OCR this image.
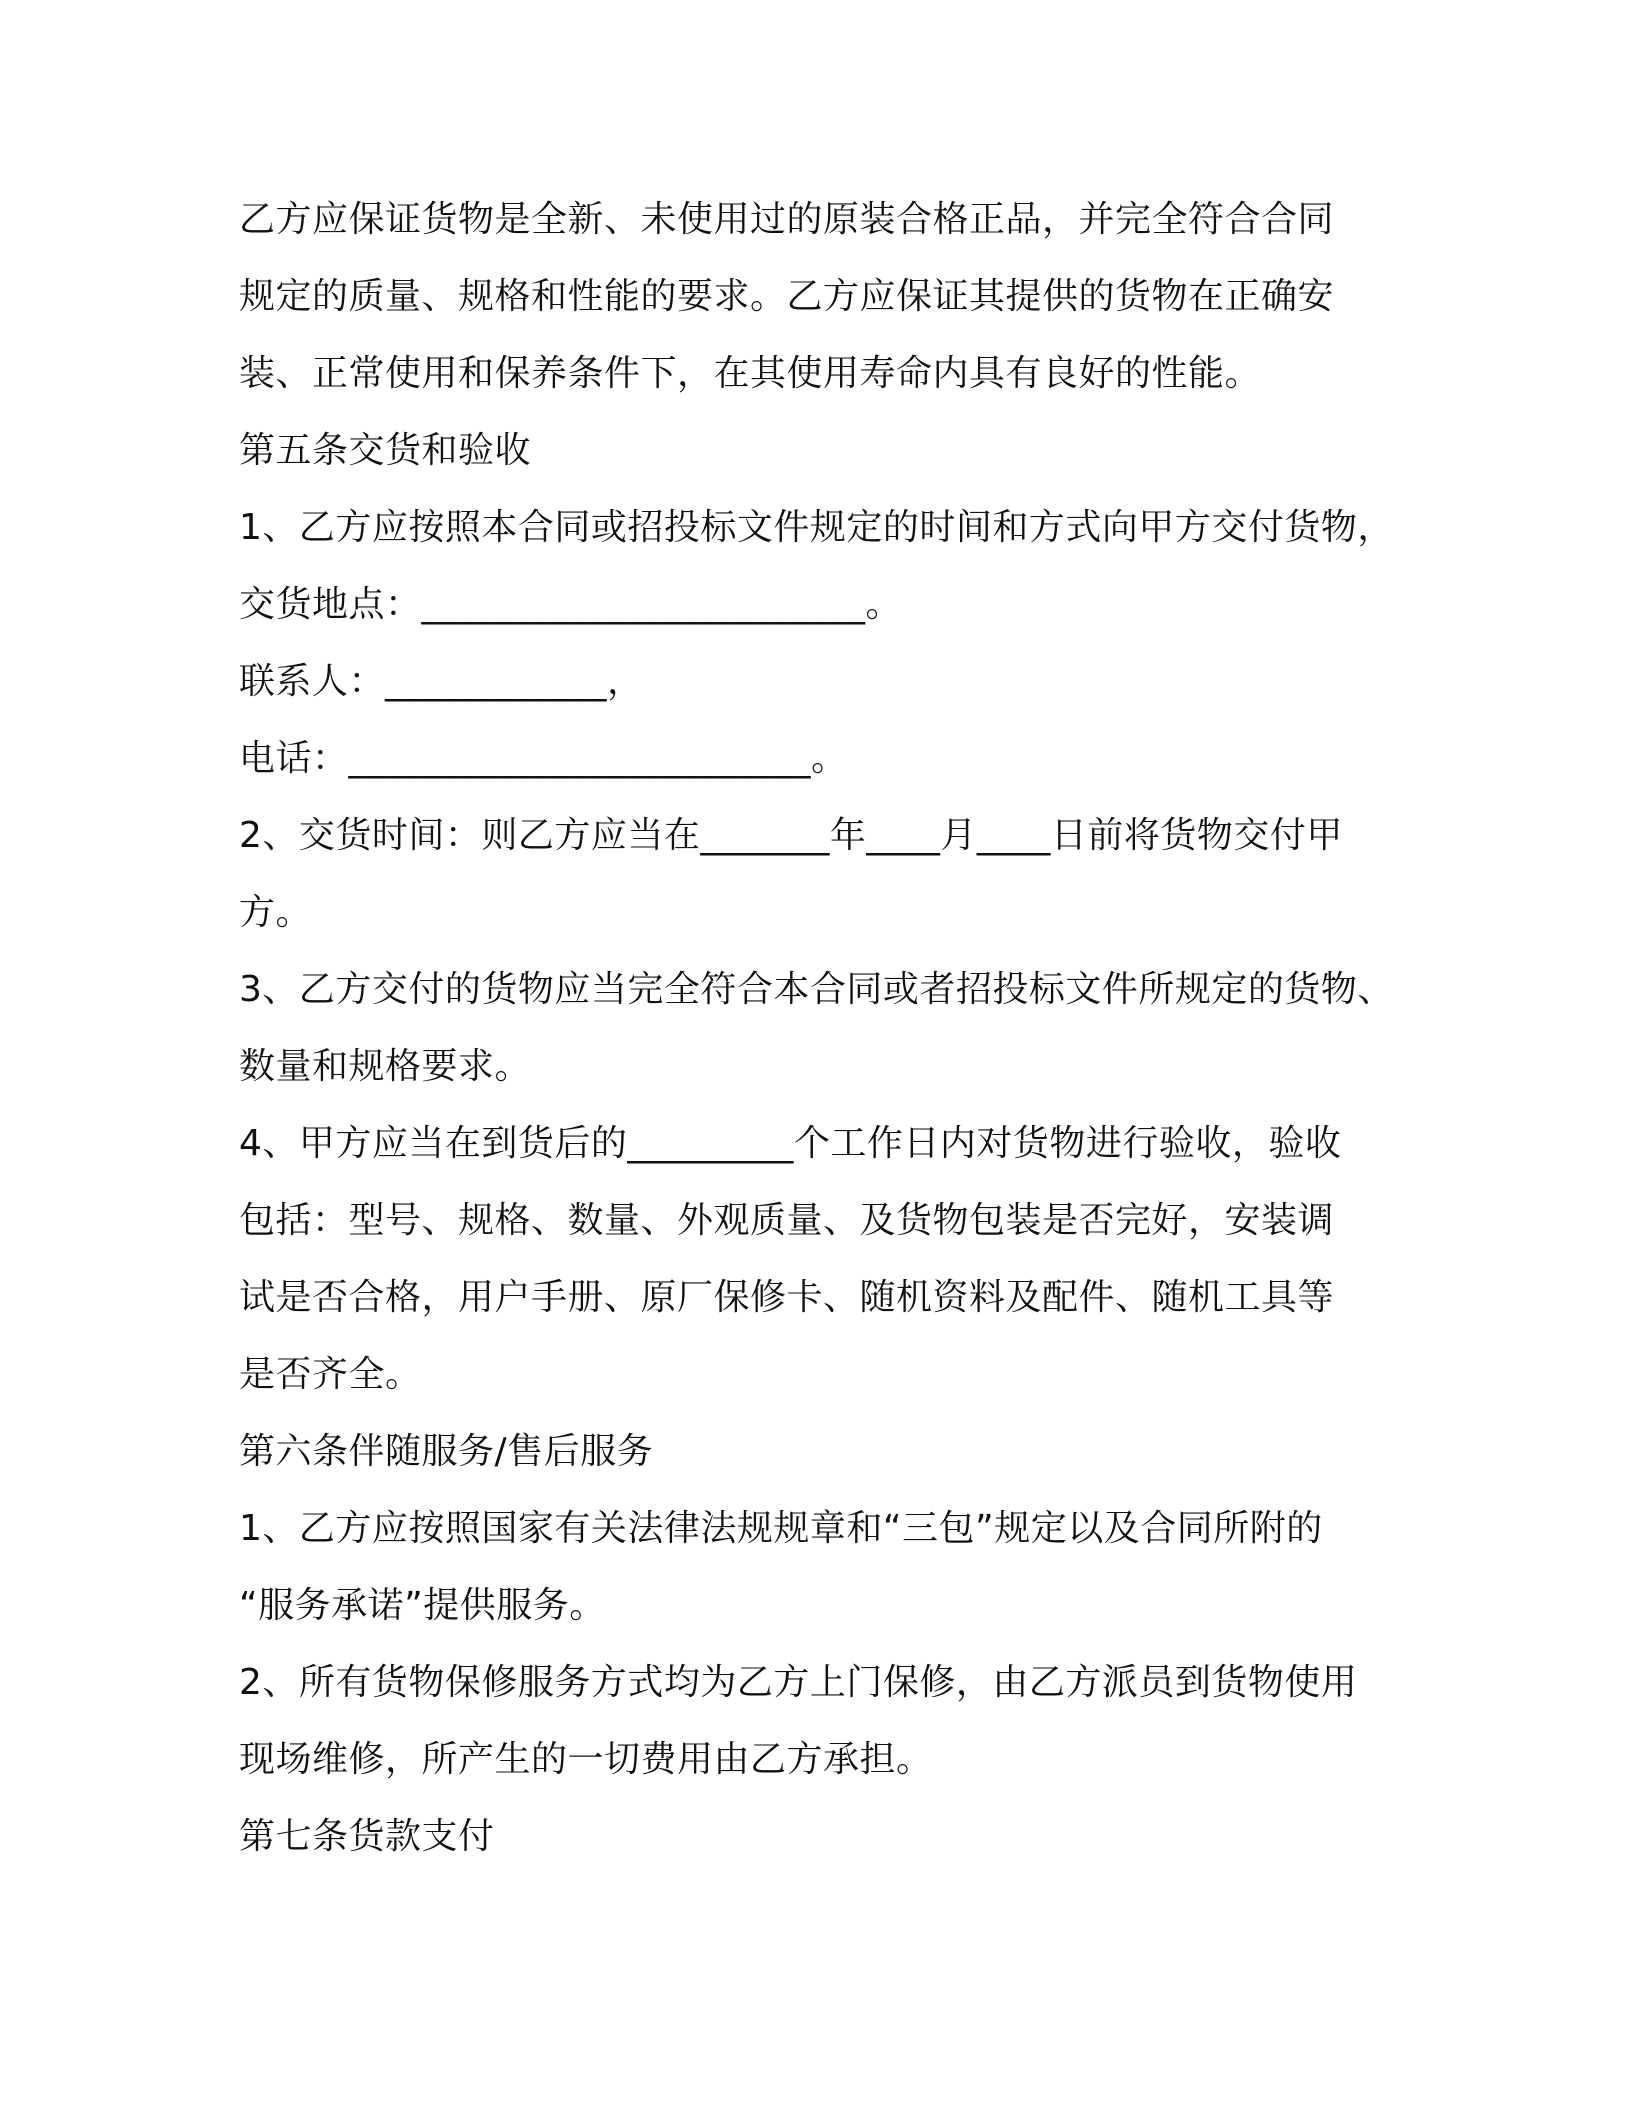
乙方应保证货物是全新、未使用过的原装合格正品，并完全符合合同
规定的质量、规格和性能的要求。乙方应保证其提供的货物在正确安
装、正常使用和保养条件下，在其使用寿命内具有良好的性能。
第五条交货和验收
1、乙方应按照本合同或招投标文件规定的时间和方式向甲方交付货物，
交货地点：________________________。
联系人：____________，
电话：_________________________。
2、交货时间：则乙方应当在_______年____月____日前将货物交付甲
方。
3、乙方交付的货物应当完全符合本合同或者招投标文件所规定的货物、
数量和规格要求。
4、甲方应当在到货后的_________个工作日内对货物进行验收，验收
包括：型号、规格、数量、外观质量、及货物包装是否完好，安装调
试是否合格，用户手册、原厂保修卡、随机资料及配件、随机工具等
是否齐全。
第六条伴随服务/售后服务
1、乙方应按照国家有关法律法规规章和“三包”规定以及合同所附的
“服务承诺”提供服务。
2、所有货物保修服务方式均为乙方上门保修，由乙方派员到货物使用
现场维修，所产生的一切费用由乙方承担。
第七条货款支付
